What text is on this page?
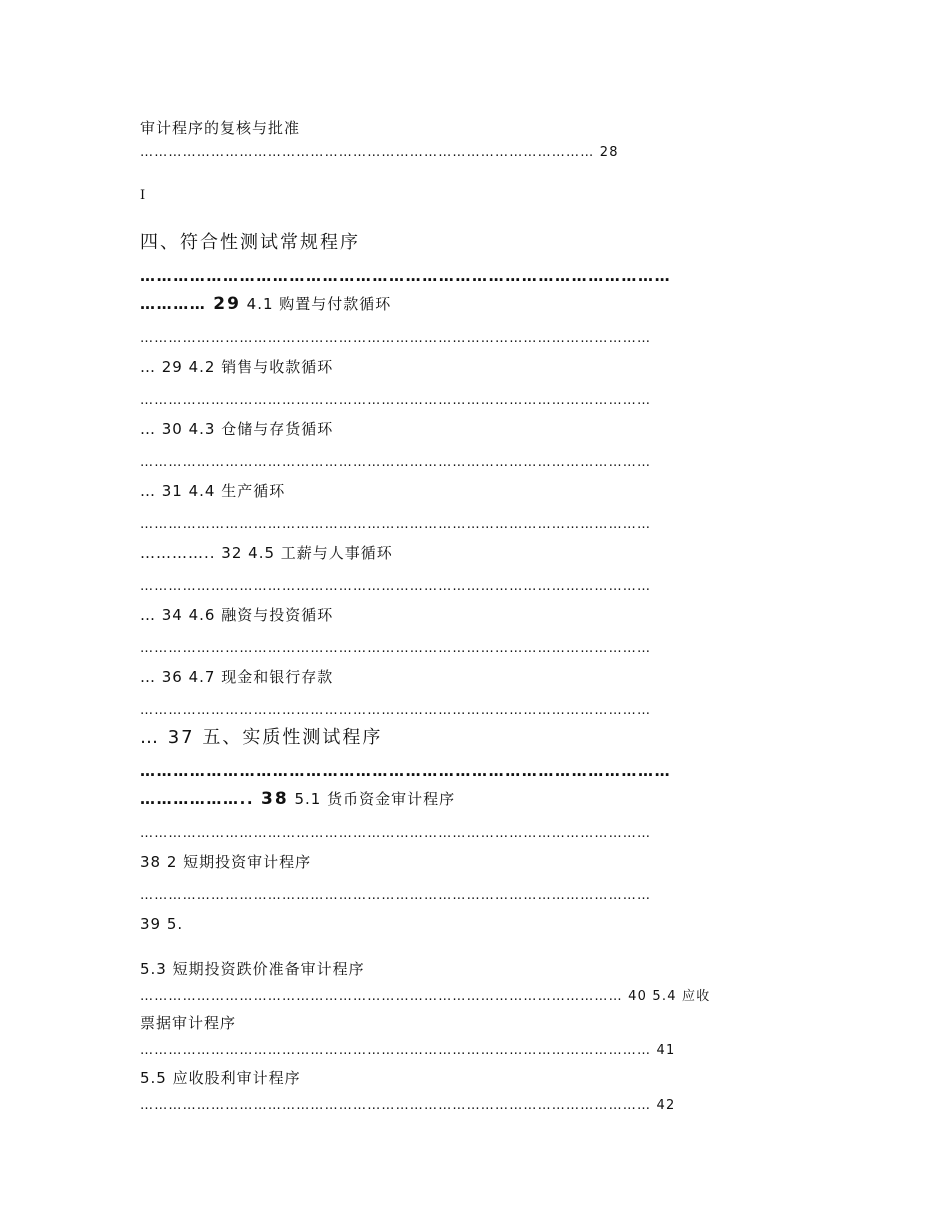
审计程序的复核与批准
…………………………………………………………………………………… 28
I
四、符合性测试常规程序
……………………………………………………………………………………
………… 29 4.1 购置与付款循环
………………………………………………………………………………………………
… 29 4.2 销售与收款循环
………………………………………………………………………………………………
… 30 4.3 仓储与存货循环
………………………………………………………………………………………………
… 31 4.4 生产循环
………………………………………………………………………………………………
………….. 32 4.5 工薪与人事循环
………………………………………………………………………………………………
… 34 4.6 融资与投资循环
………………………………………………………………………………………………
… 36 4.7 现金和银行存款
………………………………………………………………………………………………
… 37 五、实质性测试程序
……………………………………………………………………………………
……………….. 38 5.1 货币资金审计程序
………………………………………………………………………………………………
38 2 短期投资审计程序
………………………………………………………………………………………………
39 5.
5.3 短期投资跌价准备审计程序
………………………………………………………………………………………… 40 5.4 应收
票据审计程序
……………………………………………………………………………………………… 41
5.5 应收股利审计程序
……………………………………………………………………………………………… 42
